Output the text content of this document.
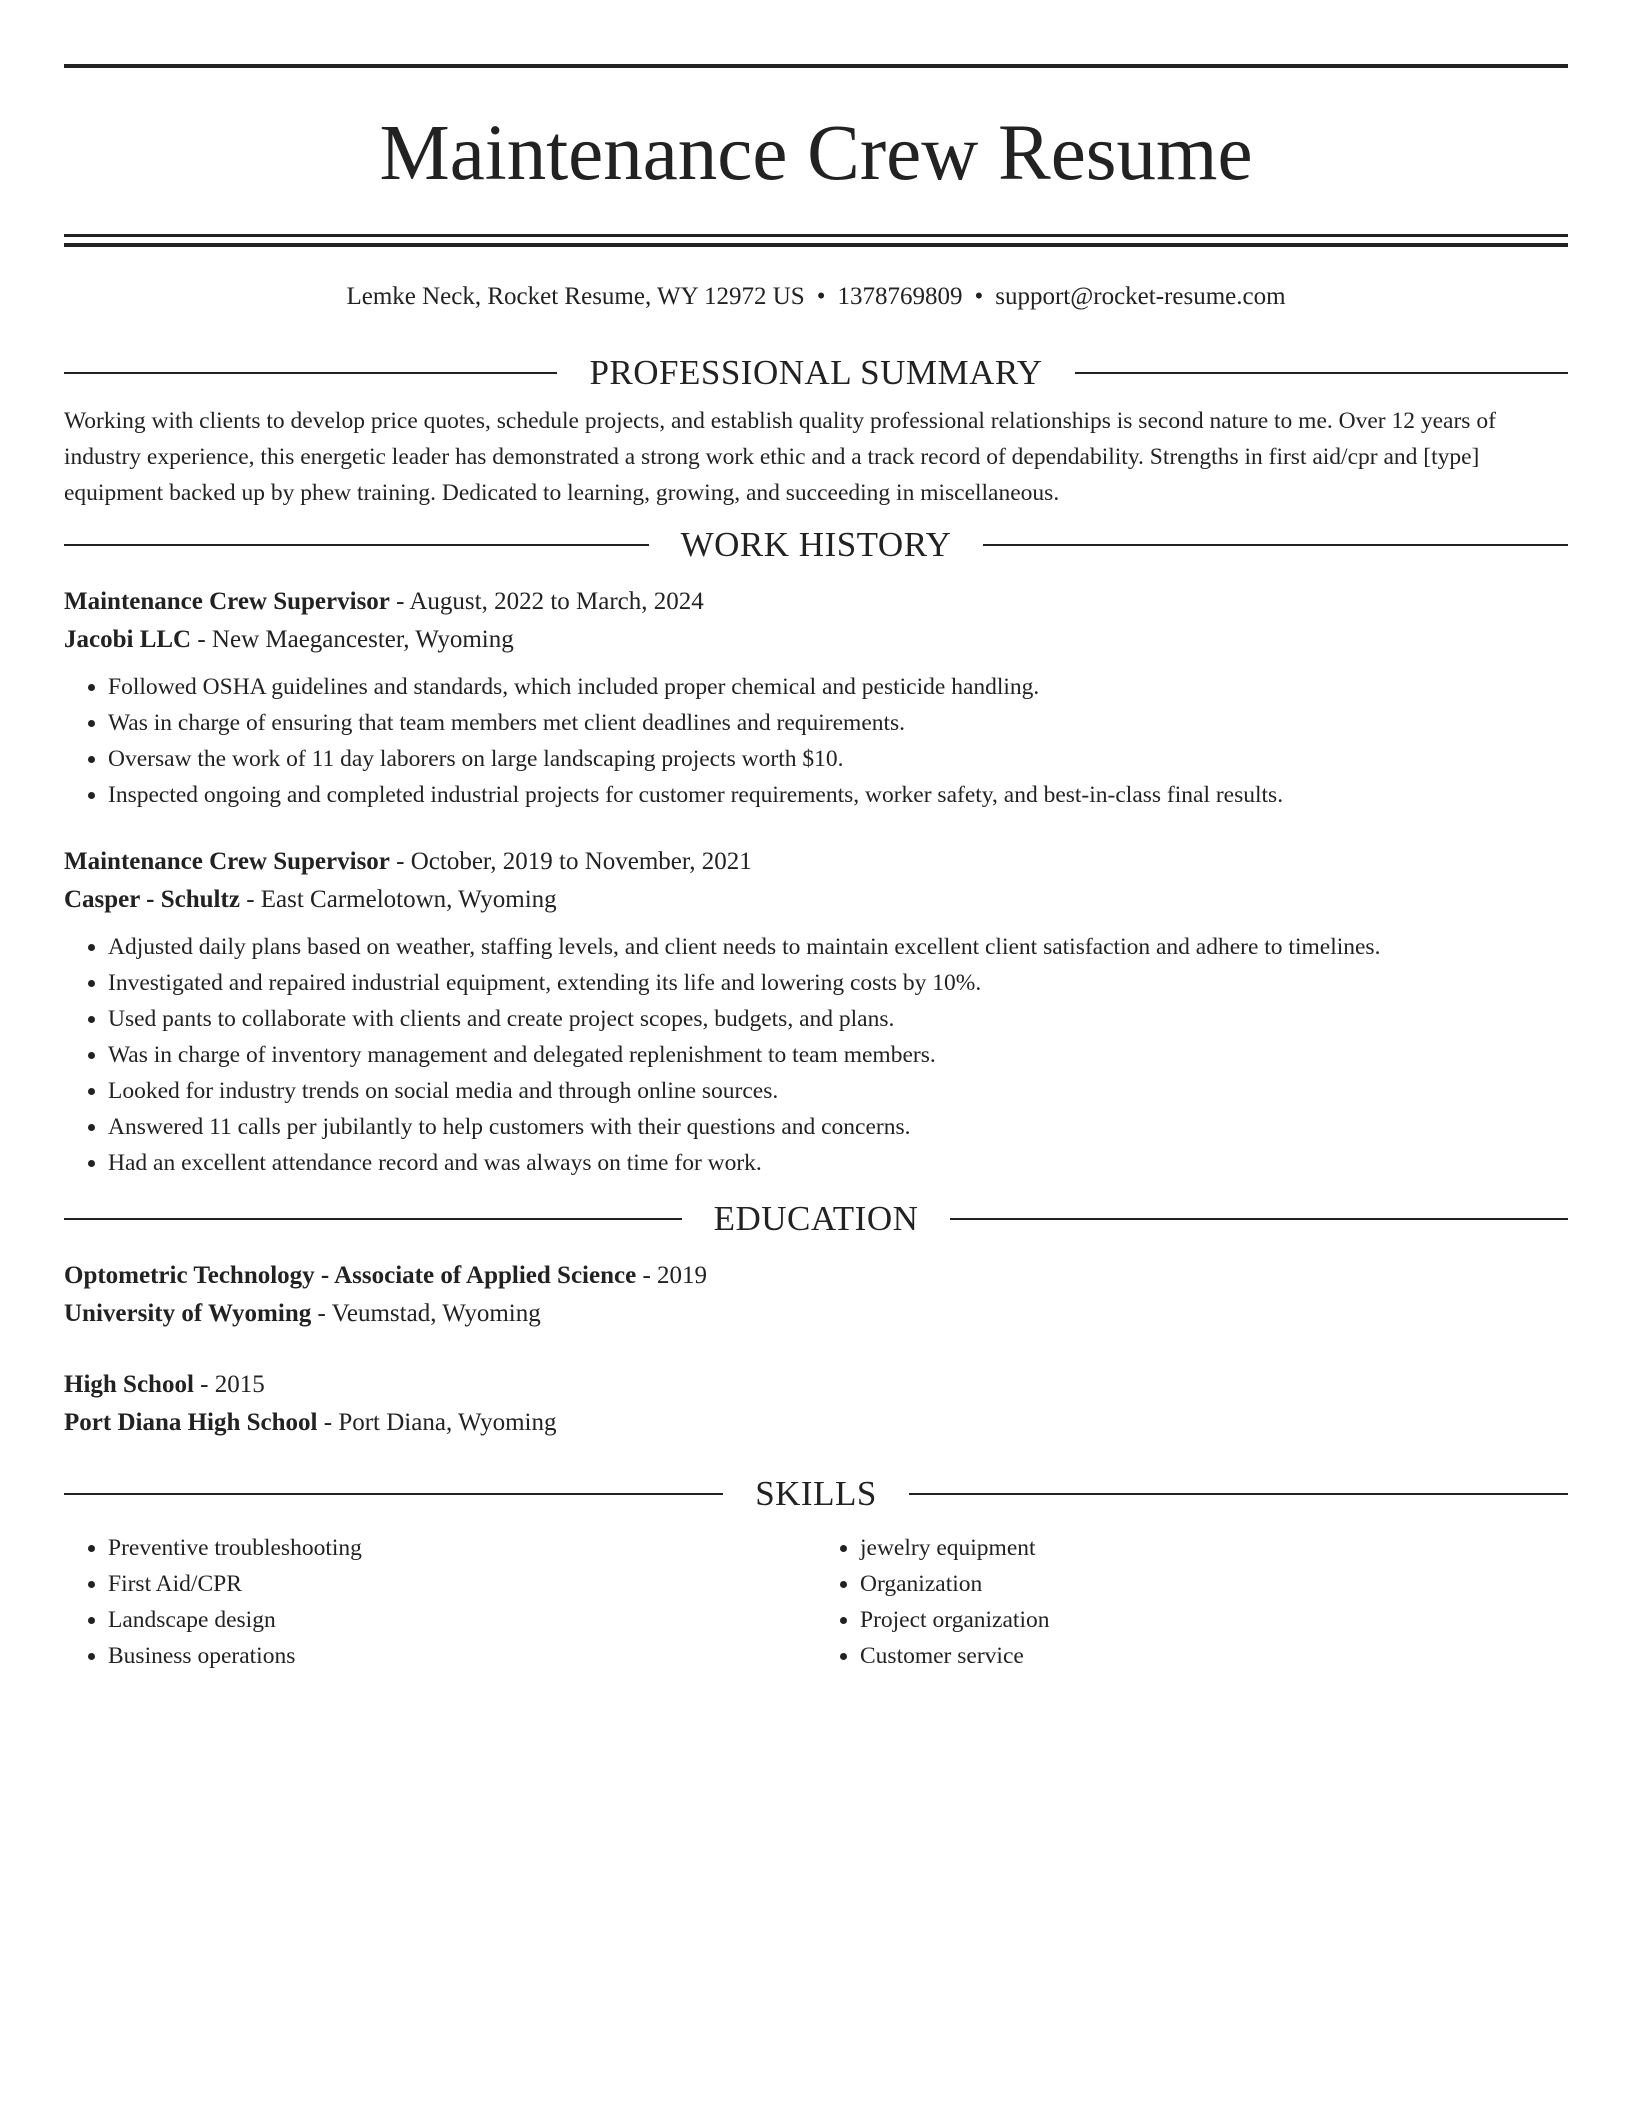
Maintenance Crew Resume
Lemke Neck, Rocket Resume, WY 12972 US • 1378769809 • support@rocket-resume.com
PROFESSIONAL SUMMARY

Working with clients to develop price quotes, schedule projects, and establish quality professional relationships is second nature to me. Over 12 years of industry experience, this energetic leader has demonstrated a strong work ethic and a track record of dependability. Strengths in first aid/cpr and [type] equipment backed up by phew training. Dedicated to learning, growing, and succeeding in miscellaneous.

WORK HISTORY
Maintenance Crew Supervisor - August, 2022 to March, 2024
Jacobi LLC - New Maegancester, Wyoming
• Followed OSHA guidelines and standards, which included proper chemical and pesticide handling.
• Was in charge of ensuring that team members met client deadlines and requirements.
• Oversaw the work of 11 day laborers on large landscaping projects worth $10.
• Inspected ongoing and completed industrial projects for customer requirements, worker safety, and best-in-class final results.
Maintenance Crew Supervisor - October, 2019 to November, 2021
Casper - Schultz - East Carmelotown, Wyoming
• Adjusted daily plans based on weather, staffing levels, and client needs to maintain excellent client satisfaction and adhere to timelines.
• Investigated and repaired industrial equipment, extending its life and lowering costs by 10%.
• Used pants to collaborate with clients and create project scopes, budgets, and plans.
• Was in charge of inventory management and delegated replenishment to team members.
• Looked for industry trends on social media and through online sources.
• Answered 11 calls per jubilantly to help customers with their questions and concerns.
• Had an excellent attendance record and was always on time for work.
EDUCATION
Optometric Technology - Associate of Applied Science - 2019
University of Wyoming - Veumstad, Wyoming
High School - 2015
Port Diana High School - Port Diana, Wyoming
SKILLS
• Preventive troubleshooting
• First Aid/CPR
• Landscape design
• Business operations
• jewelry equipment
• Organization
• Project organization
• Customer service
